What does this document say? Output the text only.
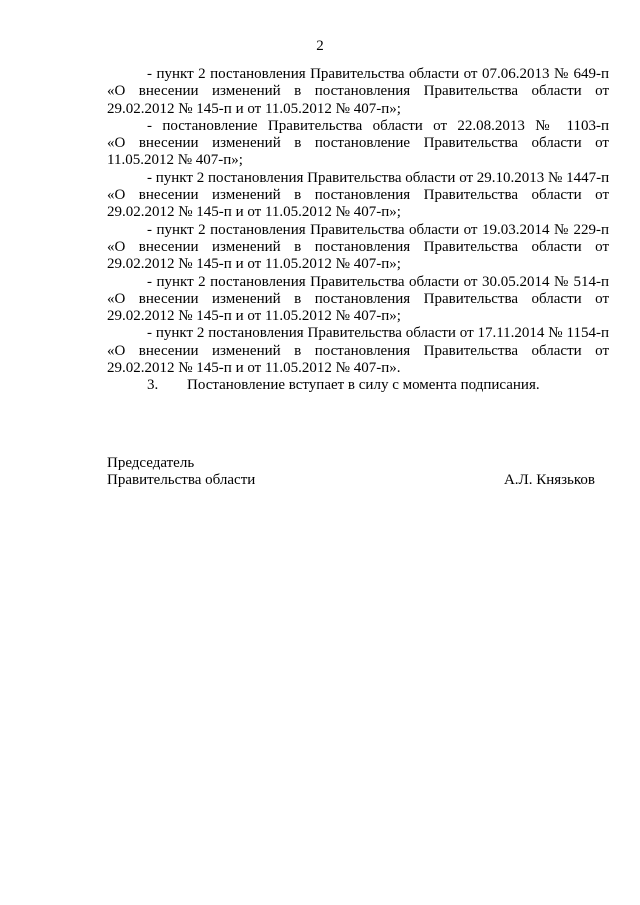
2

- пункт 2 постановления Правительства области от 07.06.2013 № 649-п
«О внесении изменений в постановления Правительства области от
29.02.2012 № 145-п и от 11.05.2012 № 407-п»;

- постановление Правительства области от 22.08.2013 № 1103-п
«О внесении изменений в постановление Правительства области от
11.05.2012 № 407-п»;

- пункт 2 постановления Правительства области от 29.10.2013 № 1447-п
«О внесении изменений в постановления Правительства области от
29.02.2012 № 145-п и от 11.05.2012 № 407-п»;

- пункт 2 постановления Правительства области от 19.03.2014 № 229-п
«О внесении изменений в постановления Правительства области от
29.02.2012 № 145-п и от 11.05.2012 № 407-п»;

- пункт 2 постановления Правительства области от 30.05.2014 № 514-п
«О внесении изменений в постановления Правительства области от
29.02.2012 № 145-п и от 11.05.2012 № 407-п»;

- пункт 2 постановления Правительства области от 17.11.2014 № 1154-п
«О внесении изменений в постановления Правительства области от
29.02.2012 № 145-п и от 11.05.2012 № 407-п».

3.	Постановление вступает в силу с момента подписания.

Председатель
Правительства области	А.Л. Князьков
